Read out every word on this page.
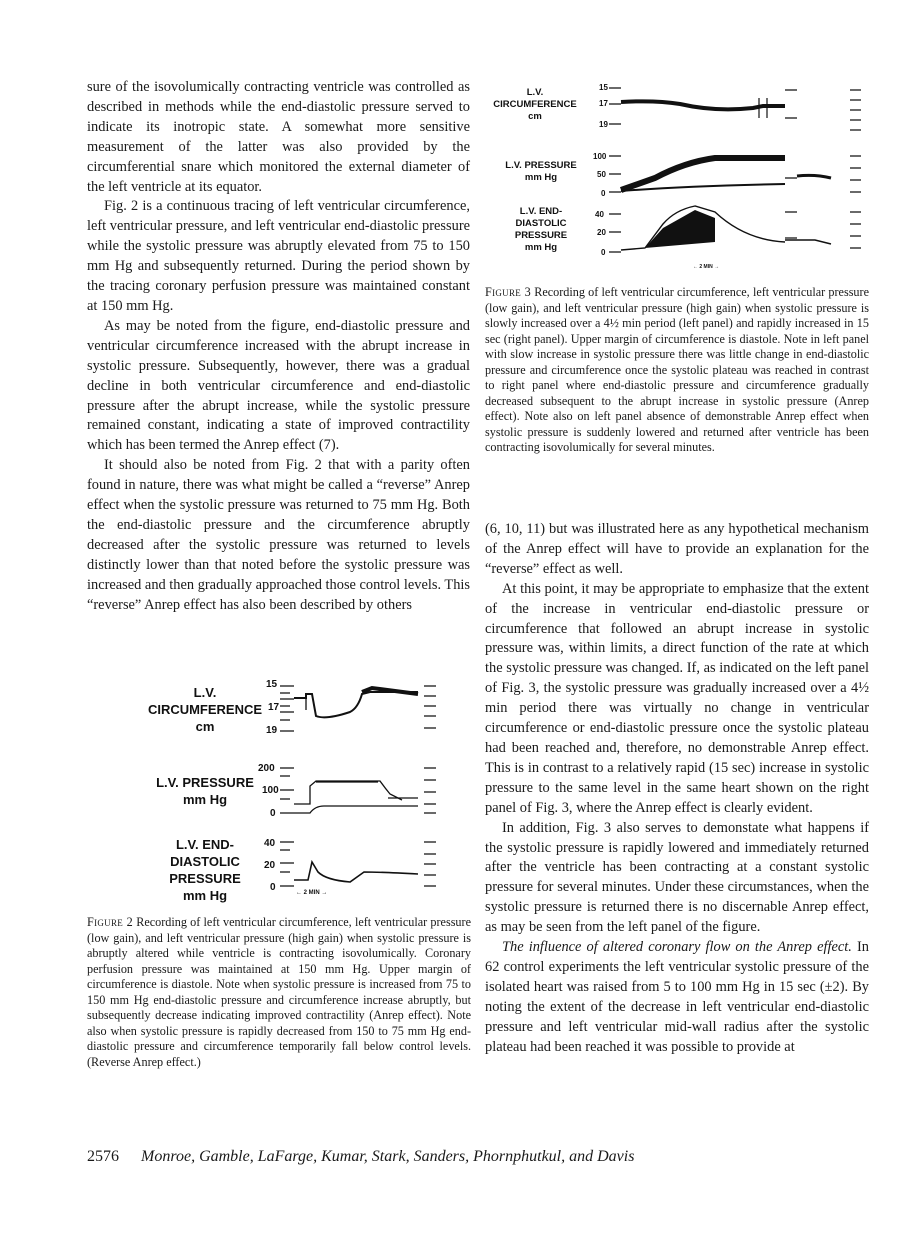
sure of the isovolumically contracting ventricle was controlled as described in methods while the end-diastolic pressure served to indicate its inotropic state. A somewhat more sensitive measurement of the latter was also provided by the circumferential snare which monitored the external diameter of the left ventricle at its equator.

Fig. 2 is a continuous tracing of left ventricular circumference, left ventricular pressure, and left ventricular end-diastolic pressure while the systolic pressure was abruptly elevated from 75 to 150 mm Hg and subsequently returned. During the period shown by the tracing coronary perfusion pressure was maintained constant at 150 mm Hg.

As may be noted from the figure, end-diastolic pressure and ventricular circumference increased with the abrupt increase in systolic pressure. Subsequently, however, there was a gradual decline in both ventricular circumference and end-diastolic pressure after the abrupt increase, while the systolic pressure remained constant, indicating a state of improved contractility which has been termed the Anrep effect (7).

It should also be noted from Fig. 2 that with a parity often found in nature, there was what might be called a “reverse” Anrep effect when the systolic pressure was returned to 75 mm Hg. Both the end-diastolic pressure and the circumference abruptly decreased after the systolic pressure was returned to levels distinctly lower than that noted before the systolic pressure was increased and then gradually approached those control levels. This “reverse” Anrep effect has also been described by others

L.V.
CIRCUMFERENCE
cm
L.V. PRESSURE
mm Hg
L.V. END-
DIASTOLIC
PRESSURE
mm Hg
15
17
19
200
100
0
40
20
0	← 2 MIN →
Figure 2 Recording of left ventricular circumference, left ventricular pressure (low gain), and left ventricular pressure (high gain) when systolic pressure is abruptly altered while ventricle is contracting isovolumically. Coronary perfusion pressure was maintained at 150 mm Hg. Upper margin of circumference is diastole. Note when systolic pressure is increased from 75 to 150 mm Hg end-diastolic pressure and circumference increase abruptly, but subsequently decrease indicating improved contractility (Anrep effect). Note also when systolic pressure is rapidly decreased from 150 to 75 mm Hg end-diastolic pressure and circumference temporarily fall below control levels. (Reverse Anrep effect.)
L.V.
CIRCUMFERENCE
cm
L.V. PRESSURE
mm Hg
L.V. END-
DIASTOLIC
PRESSURE
mm Hg
15
17
19
100
50
0
40
20
0
← 2 MIN →
Figure 3 Recording of left ventricular circumference, left ventricular pressure (low gain), and left ventricular pressure (high gain) when systolic pressure is slowly increased over a 4½ min period (left panel) and rapidly increased in 15 sec (right panel). Upper margin of circumference is diastole. Note in left panel with slow increase in systolic pressure there was little change in end-diastolic pressure and circumference once the systolic plateau was reached in contrast to right panel where end-diastolic pressure and circumference gradually decreased subsequent to the abrupt increase in systolic pressure (Anrep effect). Note also on left panel absence of demonstrable Anrep effect when systolic pressure is suddenly lowered and returned after ventricle has been contracting isovolumically for several minutes.

(6, 10, 11) but was illustrated here as any hypothetical mechanism of the Anrep effect will have to provide an explanation for the “reverse” effect as well.

At this point, it may be appropriate to emphasize that the extent of the increase in ventricular end-diastolic pressure or circumference that followed an abrupt increase in systolic pressure was, within limits, a direct function of the rate at which the systolic pressure was changed. If, as indicated on the left panel of Fig. 3, the systolic pressure was gradually increased over a 4½ min period there was virtually no change in ventricular circumference or end-diastolic pressure once the systolic plateau had been reached and, therefore, no demonstrable Anrep effect. This is in contrast to a relatively rapid (15 sec) increase in systolic pressure to the same level in the same heart shown on the right panel of Fig. 3, where the Anrep effect is clearly evident.

In addition, Fig. 3 also serves to demonstate what happens if the systolic pressure is rapidly lowered and immediately returned after the ventricle has been contracting at a constant systolic pressure for several minutes. Under these circumstances, when the systolic pressure is returned there is no discernable Anrep effect, as may be seen from the left panel of the figure.

The influence of altered coronary flow on the Anrep effect. In 62 control experiments the left ventricular systolic pressure of the isolated heart was raised from 5 to 100 mm Hg in 15 sec (±2). By noting the extent of the decrease in left ventricular end-diastolic pressure and left ventricular mid-wall radius after the systolic plateau had been reached it was possible to provide at

2576 Monroe, Gamble, LaFarge, Kumar, Stark, Sanders, Phornphutkul, and Davis
